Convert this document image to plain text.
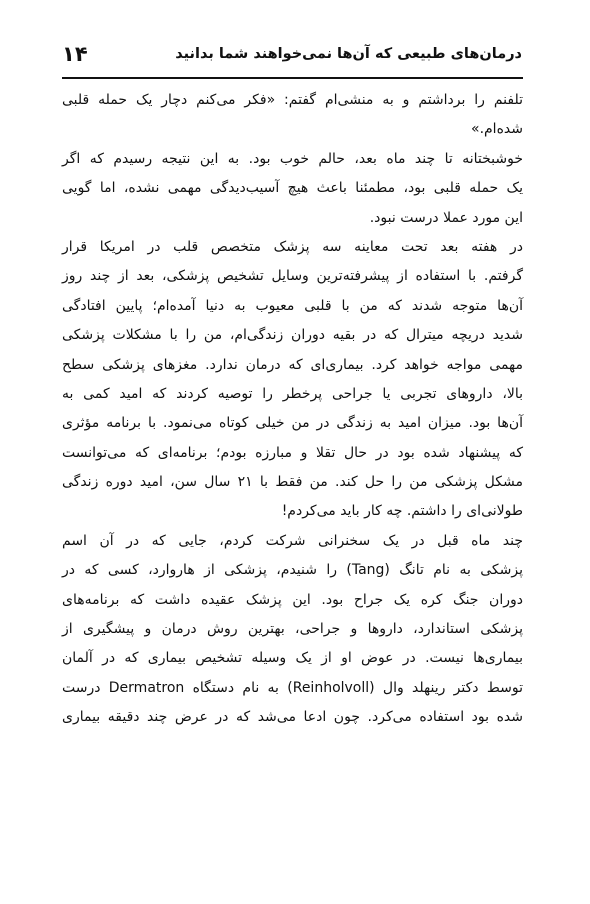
۱۴	درمان‌های طبیعی که آن‌ها نمی‌خواهند شما بدانید
تلفنم را برداشتم و به منشی‌ام گفتم: «فکر می‌کنم دچار یک حمله قلبی
شده‌ام.»
خوشبختانه تا چند ماه بعد، حالم خوب بود. به این نتیجه رسیدم که اگر
یک حمله قلبی بود، مطمئنا باعث هیچ آسیب‌دیدگی مهمی نشده، اما گویی
این مورد عملا درست نبود.
در هفته بعد تحت معاینه سه پزشک متخصص قلب در امریکا قرار
گرفتم. با استفاده از پیشرفته‌ترین وسایل تشخیص پزشکی، بعد از چند روز
آن‌ها متوجه شدند که من با قلبی معیوب به دنیا آمده‌ام؛ پایین افتادگی
شدید دریچه میترال که در بقیه دوران زندگی‌ام، من را با مشکلات پزشکی
مهمی مواجه خواهد کرد. بیماری‌ای که درمان ندارد. مغزهای پزشکی سطح
بالا، داروهای تجربی یا جراحی پرخطر را توصیه کردند که امید کمی به
آن‌ها بود. میزان امید به زندگی در من خیلی کوتاه می‌نمود. با برنامه مؤثری
که پیشنهاد شده بود در حال تقلا و مبارزه بودم؛ برنامه‌ای که می‌توانست
مشکل پزشکی من را حل کند. من فقط با ۲۱ سال سن، امید دوره زندگی
طولانی‌ای را داشتم. چه کار باید می‌کردم!
چند ماه قبل در یک سخنرانی شرکت کردم، جایی که در آن اسم
پزشکی به نام تانگ (Tang) را شنیدم، پزشکی از هاروارد، کسی که در
دوران جنگ کره یک جراح بود. این پزشک عقیده داشت که برنامه‌های
پزشکی استاندارد، داروها و جراحی، بهترین روش درمان و پیشگیری از
بیماری‌ها نیست. در عوض او از یک وسیله تشخیص بیماری که در آلمان
توسط دکتر رینهلد وال (Reinholvoll) به نام دستگاه Dermatron درست
شده بود استفاده می‌کرد. چون ادعا می‌شد که در عرض چند دقیقه بیماری
